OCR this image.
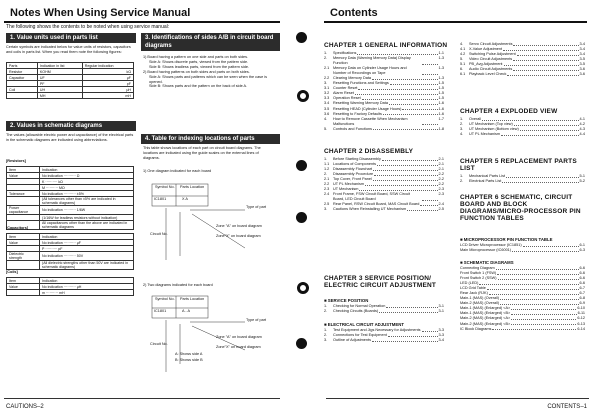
Notes When Using Service Manual
The following shows the contents to be noted when using service manual:
1. Value units used in parts list
Certain symbols are indicated below for value units of resistors, capacitors and coils in parts list. When you read them note the following figures:
Parts	Indication in list	Regular indication
Resistor	KOHM	kΩ
Capacitor	UF	μF
	PF	pF
Coil	UH	μH
	MH	mH
2. Values in schematic diagrams
The values (allowable electric power and capacitance) of the electrical parts in the schematic diagrams are indicated using abbreviations.
[Resistors]
Item	Indication
Value	No indication ·········· Ω
	K ·········· kΩ
	M ·········· MΩ
Tolerance	No indication ·········· ±5%
	(All tolerances other than ±5% are indicated in schematic diagrams)
Power capacitance	No indication ·········· 1/6W
	(1/16W for leadless resistors without indication)
	All capacitances other than the above are indicated in schematic diagrams
[Capacitors]
Item	Indication
Value	No indication ·········· μF
	P ·········· pF
Dielectric strength	No indication ·········· 50V
	(All dielectric strengths other than 50V are indicated in schematic diagrams)
[Coils]
Item	Indication
Value	No indication ·········· μH
	m ·········· mH
3. Identifications of sides A/B in circuit board diagrams
1) Board having a pattern on one side and parts on both sides.
Side A: Shows discrete parts, viewed from the pattern side.
Side B: Shows leadless parts, viewed from the pattern side.
2) Board having patterns on both sides and parts on both sides.
Side A: Shows parts and patterns which can be seen when the case is opened.
Side B: Shows parts and the pattern on the back of side A.
4. Table for indexing locations of parts
This table shows locations of each part on circuit board diagrams. The locations are indicated using the guide scales on the external lines of diagrams.
1) One diagram indicated for each board
Symbol No. Parts Location
IC1801	X A
Type of part
Zone "A" on board diagram
Zone"X" on board diagram
Circuit No.
2) Two diagrams indicated for each board
Symbol No. Parts Location
IC1801	A - A
Type of part
Zone "A" on board diagram
Zone"X" on board diagram
Circuit No.
A: Shows side A
B: Shows side B
CAUTIONS–2
Contents
CHAPTER 1 GENERAL INFORMATION
1.	Specifications	1-1
2.	Memory Data (Warning Memory Data) Display Function
1-3
2.1 Memory Data on Cylinder Usage Hours and Number of Recordings on Tape
1-3
2.2 Clearing Memory Data	1-3
3.	Resetting Functions and Settings	1-5
3.1 Counter Reset	1-5
3.2 Alarm Reset	1-5
3.3 Operation Reset	1-5
3.4 Resetting Warning Memory Data	1-6
3.5 Resetting HEAD (Cylinder Usage Hours)	1-6
3.6 Resetting to Factory Defaults	1-6
4.	How to Remove Cassette When Mechanism Malfunctions
1-7
5.	Controls and Functions	1-8
CHAPTER 2 DISASSEMBLY
1.	Before Starting Disassembly	2-1
1.1 Locations of Components	2-1
1.2 Disassembly Flowchart	2-1
2.	Disassembly Procedure	2-2
2.1 Top Cover, Front Panel	2-2
2.2 UT PL Mechanism	2-2
2.3 UT Mechanism	2-3
2.4 Front Frame, FSW Circuit Board, SSW Circuit Board, LED Circuit Board
2-3
2.5 Rear Panel, RSW Circuit Board, MAS Circuit Board	2-4
3.	Cautions When Reinstalling UT Mechanism	2-5
CHAPTER 3 SERVICE POSITION/ ELECTRIC CIRCUIT ADJUSTMENT
■ SERVICE POSITION
1.	Checking for Normal Operation	3-1
2.	Checking Circuits (Boards)	3-1
■ ELECTRICAL CIRCUIT ADJUSTMENT
1.	Test Equipment and Jigs Necessary for Adjustments	3-3
2.	Connections for Test Equipment	3-3
3.	Outline of Adjustments	3-4
4.	Servo Circuit Adjustments	3-4
4.1 X-Value Adjustment	3-4
4.2 Switching Pulse Adjustment	3-4
5.	Video Circuit Adjustments	3-5
5.1 PB_Avg Adjustment	3-5
6.	Audio Circuit Adjustments	3-6
6.1 Playback Level Check	3-6
CHAPTER 4 EXPLODED VIEW
1.	Overall	4-1
2.	UT Mechanism (Top view)	4-2
3.	UT Mechanism (Bottom view)	4-3
4.	UT PL Mechanism	4-4
CHAPTER 5 REPLACEMENT PARTS LIST
1.	Mechanical Parts List	5-1
2.	Electrical Parts List	5-2
CHAPTER 6 SCHEMATIC, CIRCUIT BOARD AND BLOCK DIAGRAMS/MICRO-PROCESSOR PIN FUNCTION TABLES
■ MICROPROCESSOR PIN FUNCTION TABLE
LCD Driver Microprocessor (IC1851)	6-1
Main Microprocessor (IC6001)	6-3
■ SCHEMATIC DIAGRAMS
Connecting Diagram	6-6
Front Switch 1 (FSW)	6-6
Front Switch 2 (SSW)	6-6
LED (LED)	6-6
LCD Grid Table	6-7
Rear Jack (RJK)	6-7
Main-1 (MAS) (Overall)	6-8
Main-2 (MAS) (Overall)	6-9
Main-1 (MAS) (Enlarged) <A>	6-10
Main-1 (MAS) (Enlarged) <B>	6-11
Main-2 (MAS) (Enlarged) <A>	6-12
Main-2 (MAS) (Enlarged) <B>	6-13
IC Block Diagrams	6-14
CONTENTS–1
